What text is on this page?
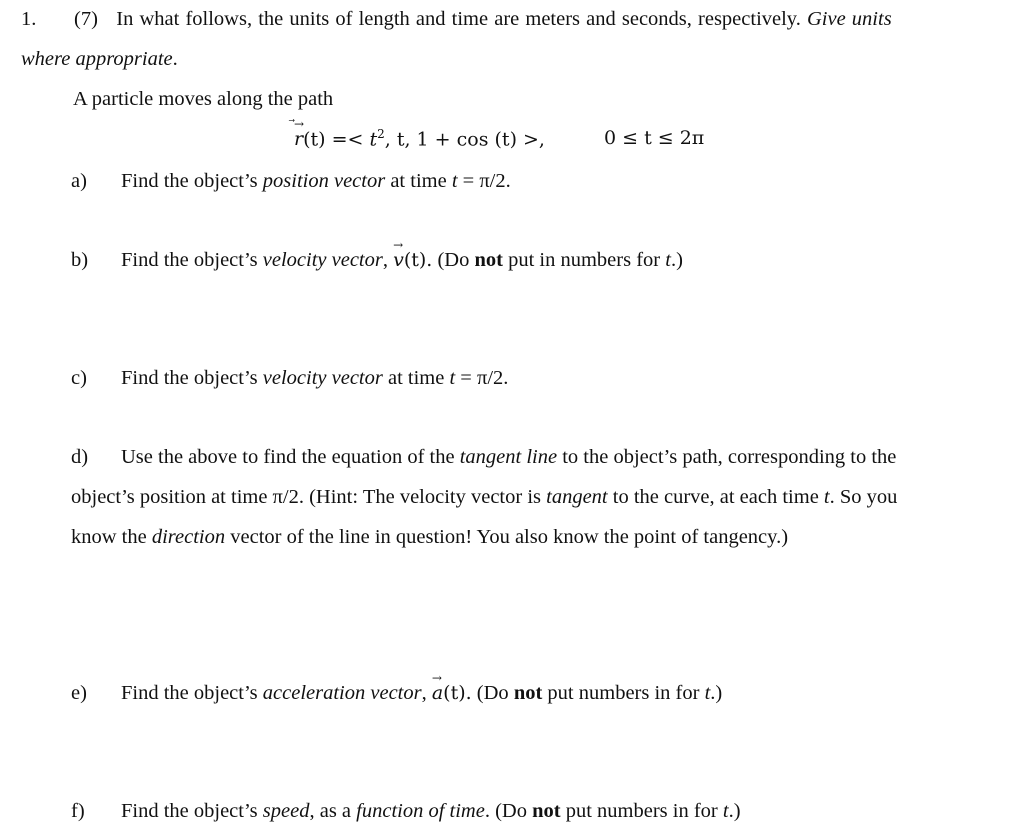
1. (7) In what follows, the units of length and time are meters and seconds, respectively. Give units
where appropriate.
A particle moves along the path
r
→
$(t) =< t^2$, t, 1 + cos (t) >,	0 ≤ t ≤ 2π
a) Find the object’s position vector at time t = π/2.
b) Find the object’s velocity vector, v
→
(t). (Do not put in numbers for t.)
c) Find the object’s velocity vector at time t = π/2.
d) Use the above to find the equation of the tangent line to the object’s path, corresponding to the
object’s position at time π/2. (Hint: The velocity vector is tangent to the curve, at each time t. So you
know the direction vector of the line in question! You also know the point of tangency.)
e) Find the object’s acceleration vector, a
→
(t). (Do not put numbers in for t.)
f) Find the object’s speed, as a function of time. (Do not put numbers in for t.)
